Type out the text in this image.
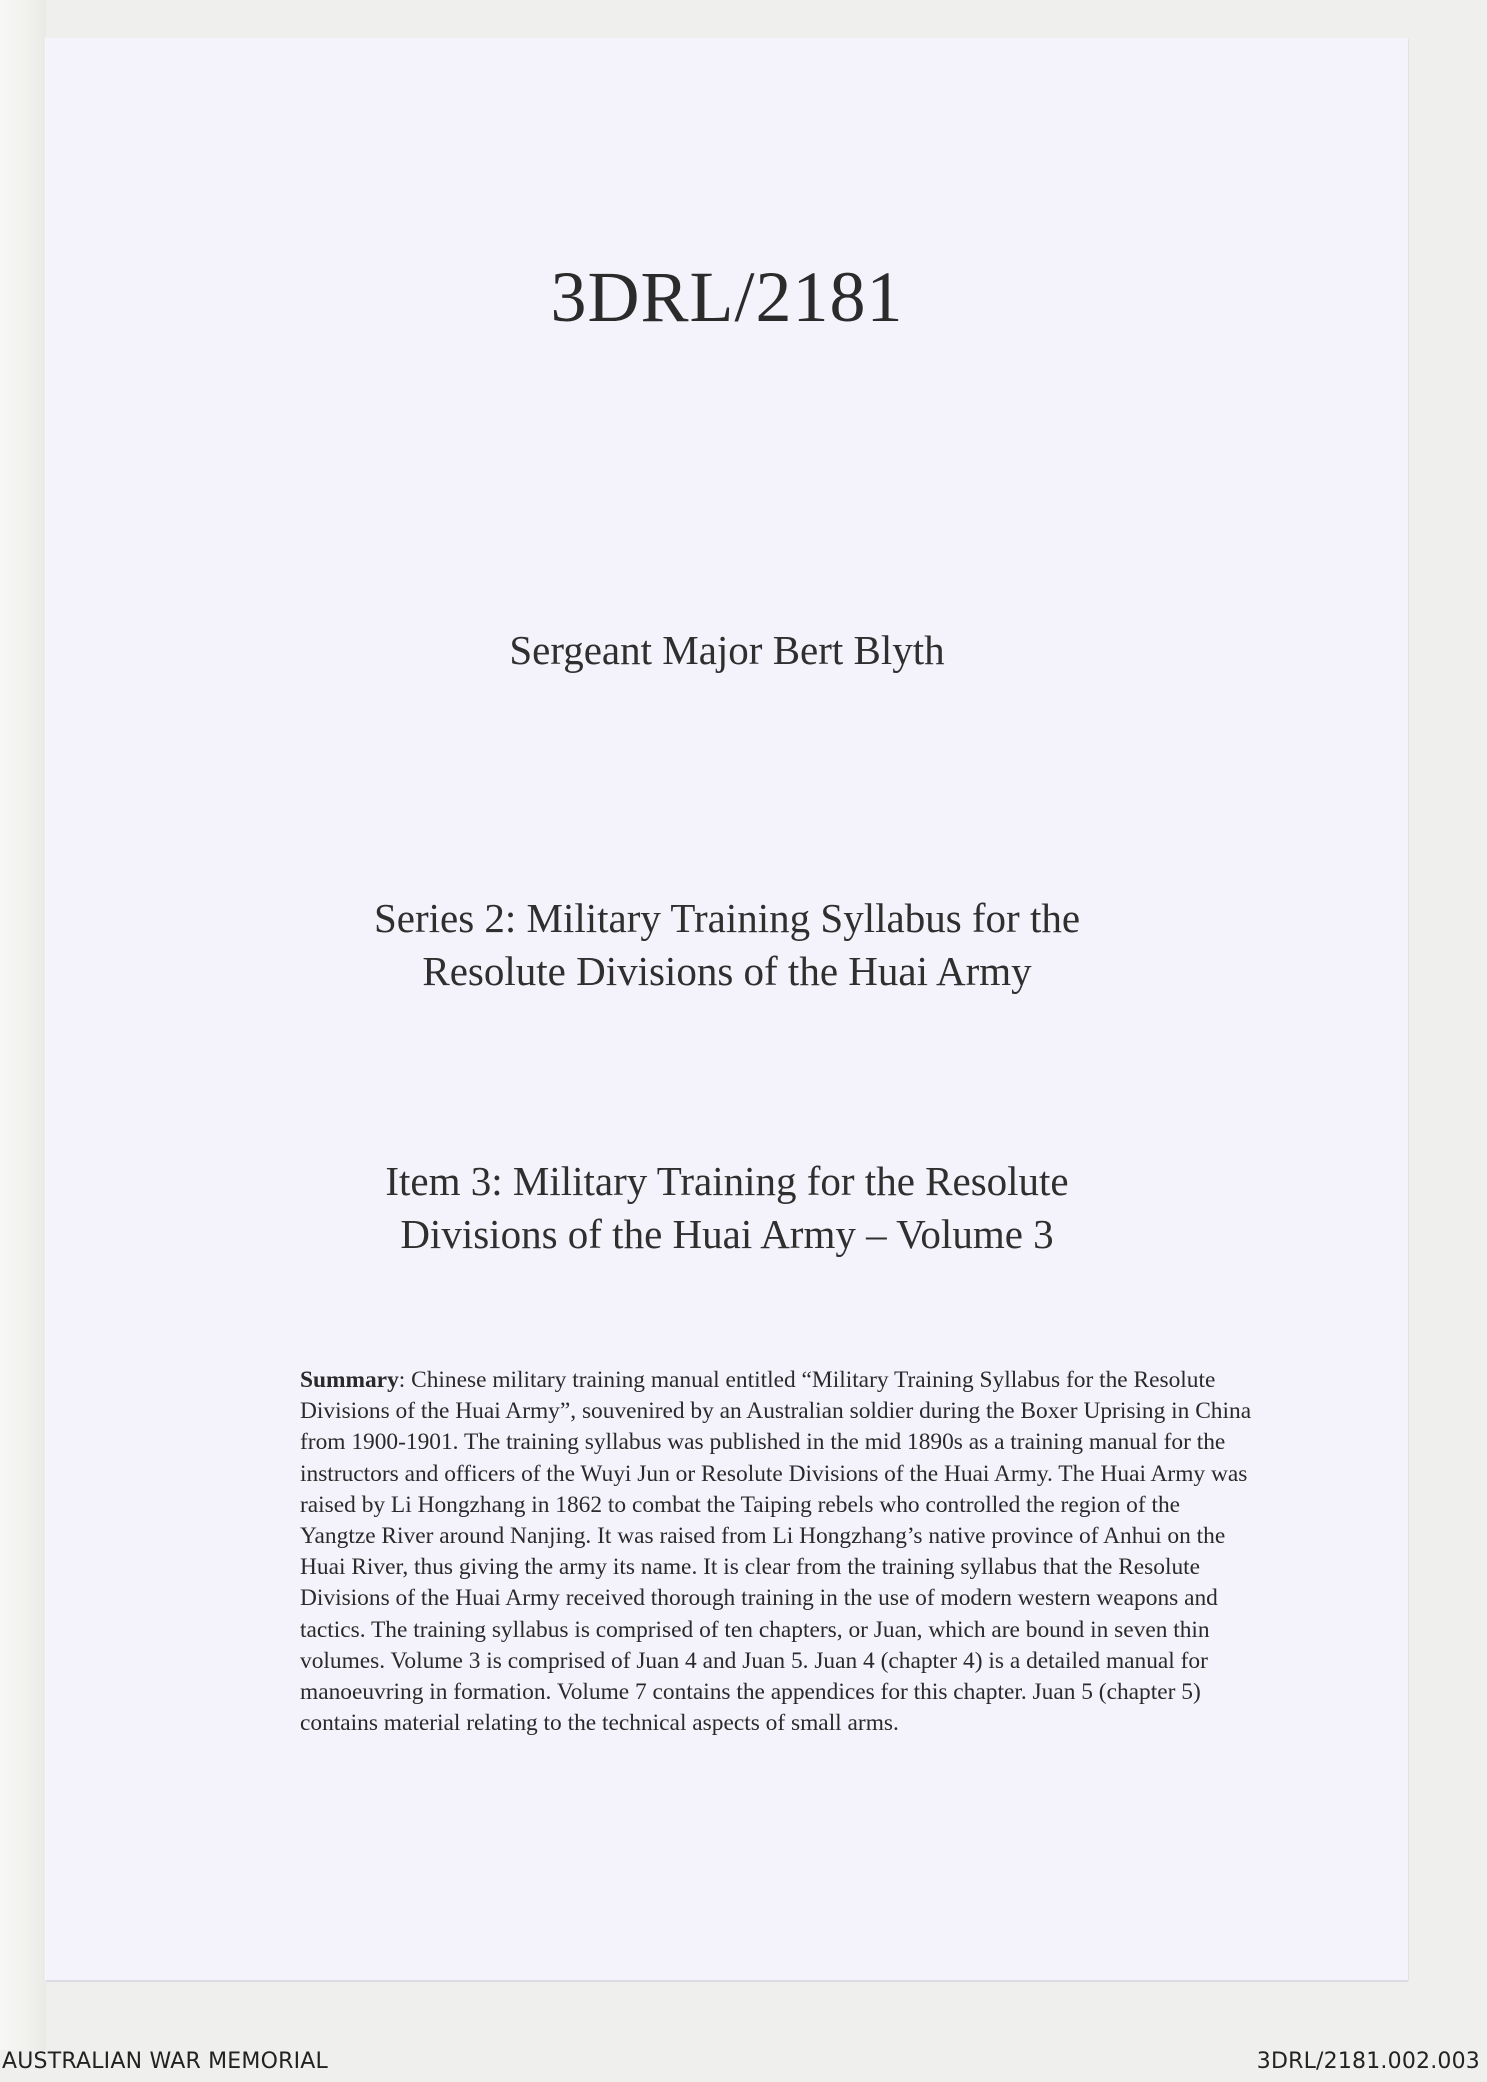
3DRL/2181

Sergeant Major Bert Blyth

Series 2: Military Training Syllabus for the
Resolute Divisions of the Huai Army

Item 3: Military Training for the Resolute
Divisions of the Huai Army – Volume 3

Summary: Chinese military training manual entitled “Military Training Syllabus for the Resolute Divisions of the Huai Army”, souvenired by an Australian soldier during the Boxer Uprising in China from 1900-1901. The training syllabus was published in the mid 1890s as a training manual for the instructors and officers of the Wuyi Jun or Resolute Divisions of the Huai Army. The Huai Army was raised by Li Hongzhang in 1862 to combat the Taiping rebels who controlled the region of the Yangtze River around Nanjing. It was raised from Li Hongzhang’s native province of Anhui on the Huai River, thus giving the army its name. It is clear from the training syllabus that the Resolute Divisions of the Huai Army received thorough training in the use of modern western weapons and tactics. The training syllabus is comprised of ten chapters, or Juan, which are bound in seven thin volumes. Volume 3 is comprised of Juan 4 and Juan 5. Juan 4 (chapter 4) is a detailed manual for manoeuvring in formation. Volume 7 contains the appendices for this chapter. Juan 5 (chapter 5) contains material relating to the technical aspects of small arms.

AUSTRALIAN WAR MEMORIAL	3DRL/2181.002.003
